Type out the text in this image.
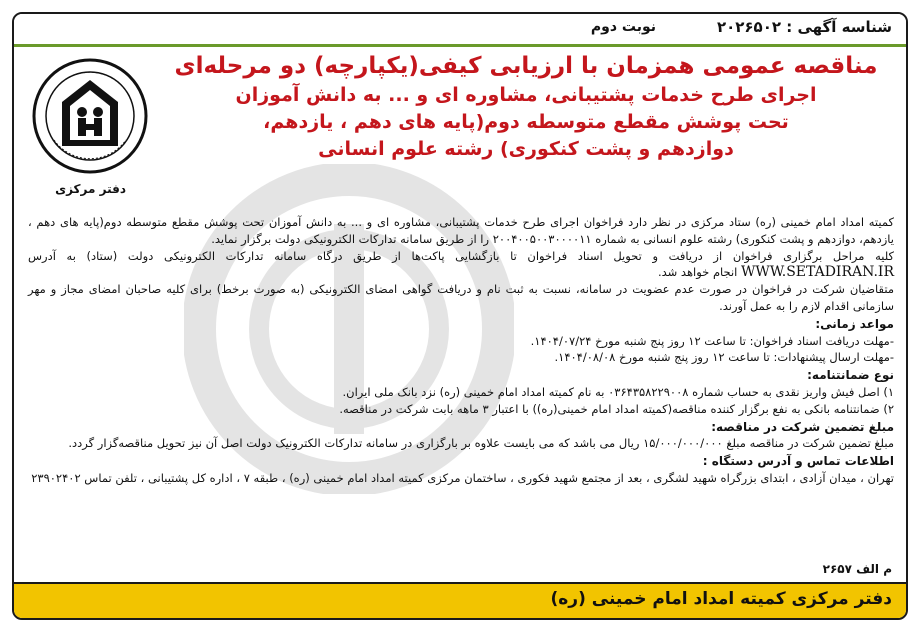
شناسه آگهی : ۲۰۲۶۵۰۲
نوبت دوم
دفتر مرکزی
مناقصه عمومی همزمان با ارزیابی کیفی(یکپارچه) دو مرحله‌ای
اجرای طرح خدمات پشتیبانی، مشاوره ای و ... به دانش آموزان
تحت پوشش مقطع متوسطه دوم(پایه های دهم ، یازدهم،
دوازدهم و پشت کنکوری) رشته علوم انسانی

کمیته امداد امام خمینی (ره) ستاد مرکزی در نظر دارد فراخوان اجرای طرح خدمات پشتیبانی، مشاوره ای و ... به دانش آموزان تحت پوشش مقطع متوسطه دوم(پایه های دهم ، یازدهم، دوازدهم و پشت کنکوری) رشته علوم انسانی به شماره ۲۰۰۴۰۰۵۰۰۳۰۰۰۰۱۱ را از طریق سامانه تدارکات الکترونیکی دولت برگزار نماید.

کلیه مراحل برگزاری فراخوان از دریافت و تحویل اسناد فراخوان تا بازگشایی پاکت‌ها از طریق درگاه سامانه تدارکات الکترونیکی دولت (ستاد) به آدرس WWW.SETADIRAN.IR انجام خواهد شد.

متقاضیان شرکت در فراخوان در صورت عدم عضویت در سامانه، نسبت به ثبت نام و دریافت گواهی امضای الکترونیکی (به صورت برخط) برای کلیه صاحبان امضای مجاز و مهر سازمانی اقدام لازم را به عمل آورند.

مواعد زمانی:

-مهلت دریافت اسناد فراخوان: تا ساعت ۱۲ روز پنج شنبه مورخ ۱۴۰۴/۰۷/۲۴.

-مهلت ارسال پیشنهادات: تا ساعت ۱۲ روز پنج شنبه مورخ ۱۴۰۴/۰۸/۰۸.

نوع ضمانتنامه:

۱) اصل فیش واریز نقدی به حساب شماره ۰۳۶۴۳۵۸۲۲۹۰۰۸ به نام کمیته امداد امام خمینی (ره) نزد بانک ملی ایران.

۲) ضمانتنامه بانکی به نفع برگزار کننده مناقصه(کمیته امداد امام خمینی(ره)) با اعتبار ۳ ماهه بابت شرکت در مناقصه.

مبلغ تضمین شرکت در مناقصه:

مبلغ تضمین شرکت در مناقصه مبلغ ۱۵/۰۰۰/۰۰۰/۰۰۰ ریال می باشد که می بایست علاوه بر بارگزاری در سامانه تدارکات الکترونیک دولت اصل آن نیز تحویل مناقصه‌گزار گردد.

اطلاعات تماس و آدرس دستگاه :

تهران ، میدان آزادی ، ابتدای بزرگراه شهید لشگری ، بعد از مجتمع شهید فکوری ، ساختمان مرکزی کمیته امداد امام خمینی (ره) ، طبقه ۷ ، اداره کل پشتیبانی ، تلفن تماس ۲۳۹۰۲۴۰۲

م الف ۲۶۵۷
دفتر مرکزی کمیته امداد امام خمینی (ره)
